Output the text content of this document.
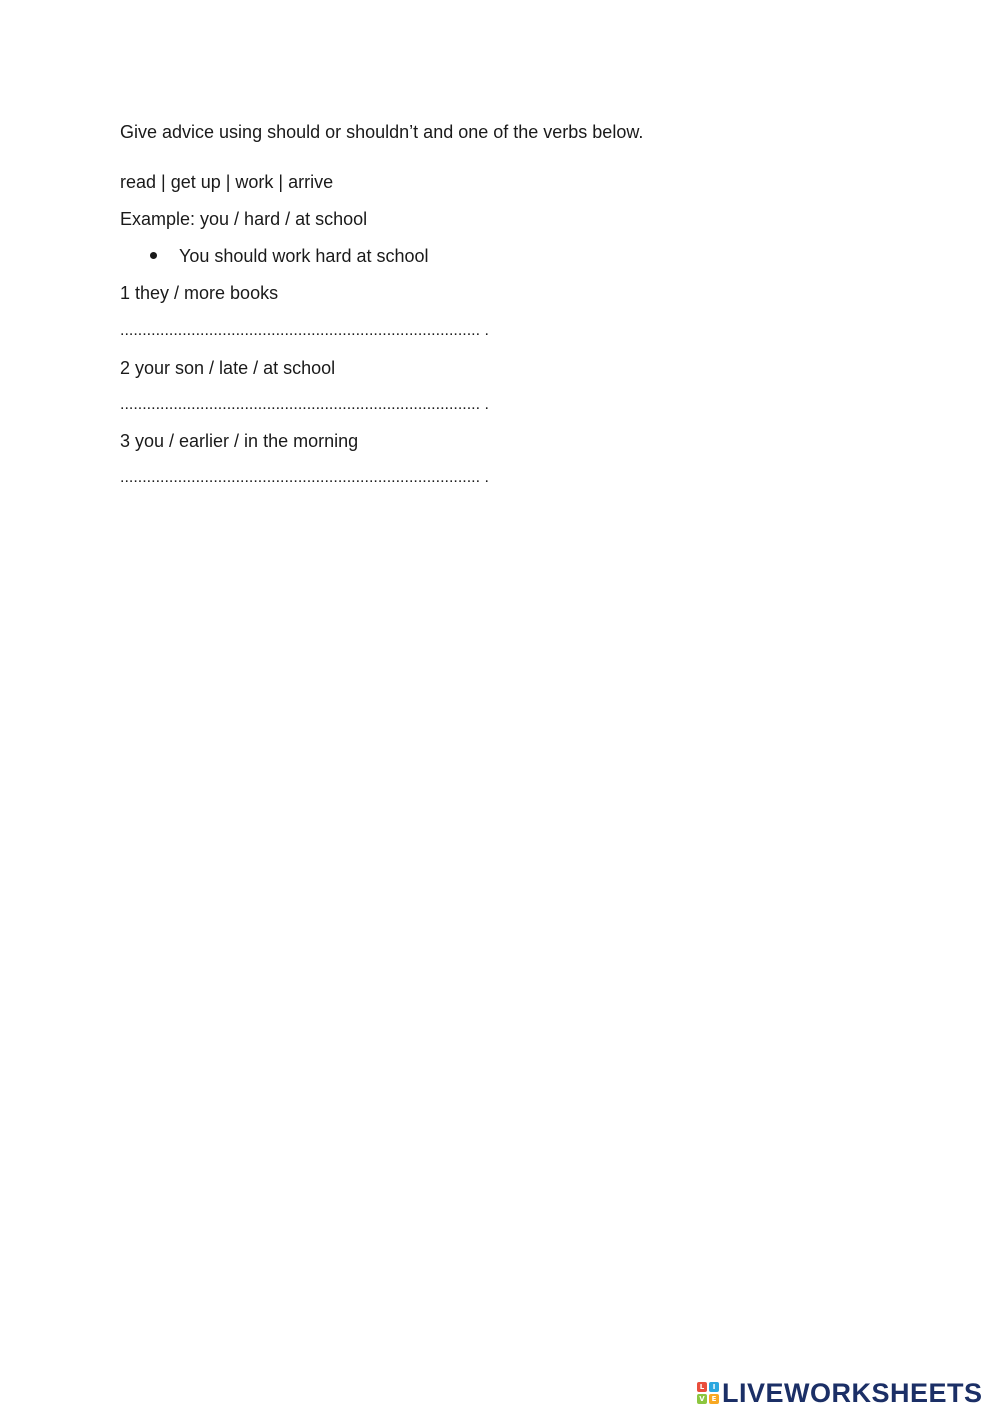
Give advice using should or shouldn’t and one of the verbs below.
read | get up | work | arrive
Example: you / hard / at school
You should work hard at school
1 they / more books
................................................................................. .
2 your son / late / at school
................................................................................. .
3 you / earlier / in the morning
................................................................................. .
L	I
V E LIVEWORKSHEETS
